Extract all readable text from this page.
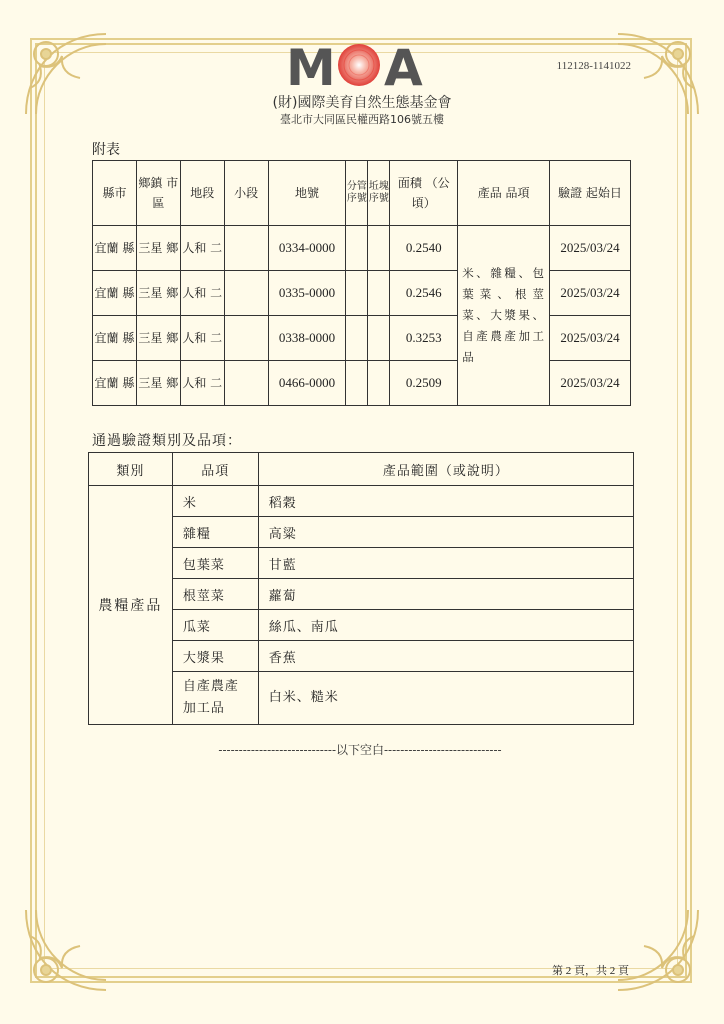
M A	112128-1141022
(財)國際美育自然生態基金會
臺北市大同區民權西路106號五樓
附表
縣市	鄉鎮 市區	地段	小段	地號	分管 序號	坵塊 序號	面積 （公頃）	產品 品項	驗證 起始日
宜蘭 縣	三星 鄉	人和 二		0334-0000			0.2540	米、雜糧、包葉菜、根莖菜、大漿果、自產農產加工品	2025/03/24
宜蘭 縣	三星 鄉	人和 二		0335-0000			0.2546		2025/03/24
宜蘭 縣	三星 鄉	人和 二		0338-0000			0.3253		2025/03/24
宜蘭 縣	三星 鄉	人和 二		0466-0000			0.2509		2025/03/24
通過驗證類別及品項：
類別	品項	產品範圍（或說明）
農糧產品	米	稻穀
	雜糧	高粱
	包葉菜	甘藍
	根莖菜	蘿蔔
	瓜菜	絲瓜、南瓜
	大漿果	香蕉
	自產農產 加工品	白米、糙米
-----------------------------以下空白-----------------------------
第 2 頁，共 2 頁
